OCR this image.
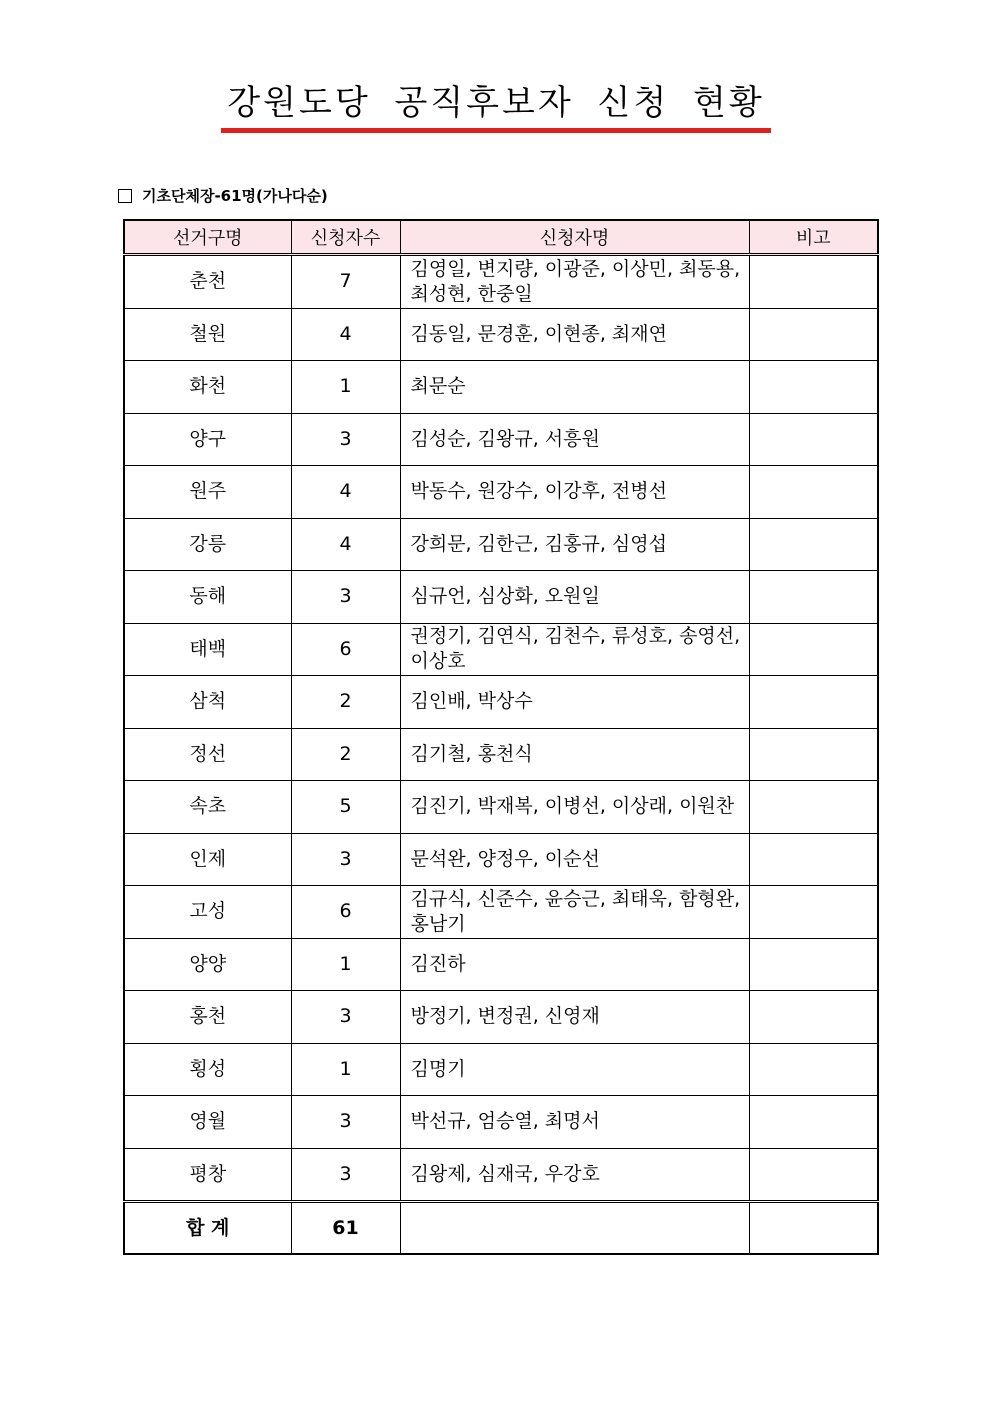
강원도당 공직후보자 신청 현황
기초단체장-61명(가나다순)
선거구명	신청자수	신청자명	비고
춘천	7	김영일, 변지량, 이광준, 이상민, 최동용, 최성현, 한중일	
철원	4	김동일, 문경훈, 이현종, 최재연	
화천	1	최문순	
양구	3	김성순, 김왕규, 서흥원	
원주	4	박동수, 원강수, 이강후, 전병선	
강릉	4	강희문, 김한근, 김홍규, 심영섭	
동해	3	심규언, 심상화, 오원일	
태백	6	권정기, 김연식, 김천수, 류성호, 송영선, 이상호	
삼척	2	김인배, 박상수	
정선	2	김기철, 홍천식	
속초	5	김진기, 박재복, 이병선, 이상래, 이원찬	
인제	3	문석완, 양정우, 이순선	
고성	6	김규식, 신준수, 윤승근, 최태욱, 함형완, 홍남기	
양양	1	김진하	
홍천	3	방정기, 변정권, 신영재	
횡성	1	김명기	
영월	3	박선규, 엄승열, 최명서	
평창	3	김왕제, 심재국, 우강호	
합 계	61		
